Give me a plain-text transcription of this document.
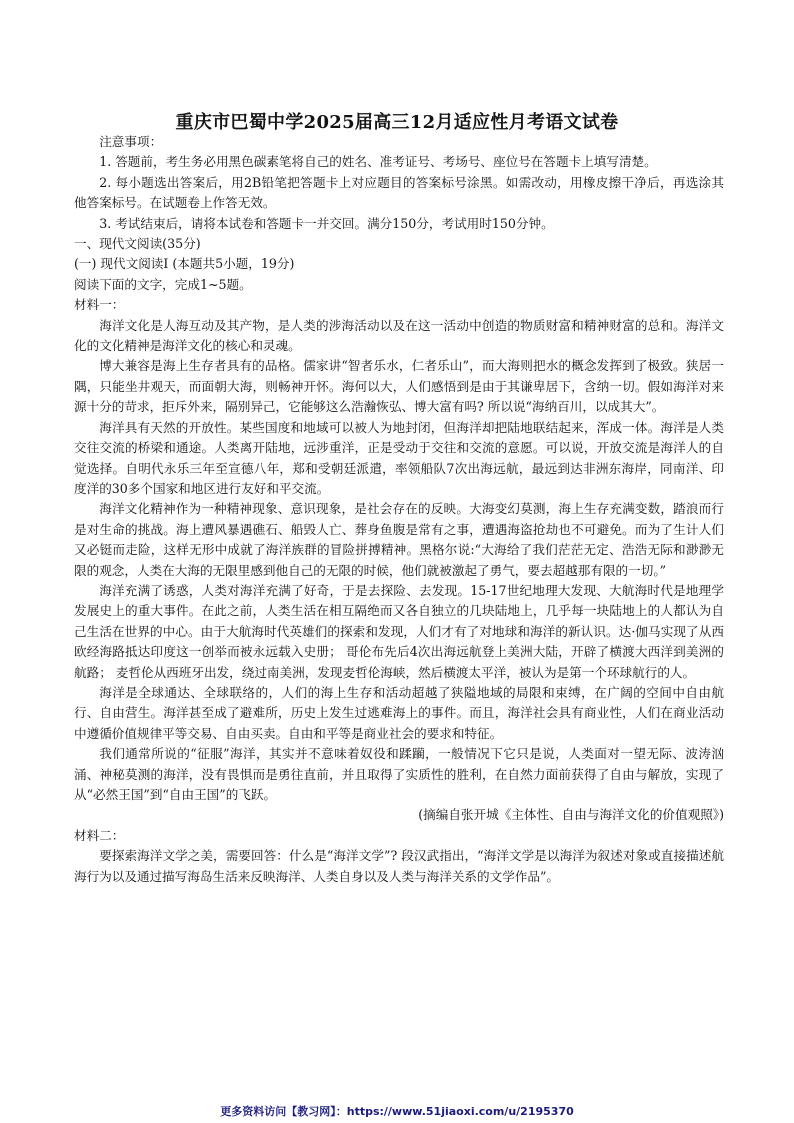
重庆市巴蜀中学2025届高三12月适应性月考语文试卷

注意事项：

1. 答题前，考生务必用黑色碳素笔将自己的姓名、准考证号、考场号、座位号在答题卡上填写清楚。

2. 每小题选出答案后，用2B铅笔把答题卡上对应题目的答案标号涂黑。如需改动，用橡皮擦干净后，再选涂其他答案标号。在试题卷上作答无效。

3. 考试结束后，请将本试卷和答题卡一并交回。满分150分，考试用时150分钟。

一、现代文阅读(35分)

(一) 现代文阅读Ⅰ (本题共5小题，19分)

阅读下面的文字，完成1~5题。

材料一：

海洋文化是人海互动及其产物，是人类的涉海活动以及在这一活动中创造的物质财富和精神财富的总和。海洋文化的文化精神是海洋文化的核心和灵魂。

博大兼容是海上生存者具有的品格。儒家讲“智者乐水，仁者乐山”，而大海则把水的概念发挥到了极致。狭居一隅，只能坐井观天，而面朝大海，则畅神开怀。海何以大，人们感悟到是由于其谦卑居下，含纳一切。假如海洋对来源十分的苛求，拒斥外来，隔别异己，它能够这么浩瀚恢弘、博大富有吗? 所以说“海纳百川，以成其大”。

海洋具有天然的开放性。某些国度和地域可以被人为地封闭，但海洋却把陆地联结起来，浑成一体。海洋是人类交往交流的桥梁和通途。人类离开陆地，远涉重洋，正是受动于交往和交流的意愿。可以说，开放交流是海洋人的自觉选择。自明代永乐三年至宣德八年，郑和受朝廷派遣，率领船队7次出海远航，最远到达非洲东海岸，同南洋、印度洋的30多个国家和地区进行友好和平交流。

海洋文化精神作为一种精神现象、意识现象，是社会存在的反映。大海变幻莫测，海上生存充满变数，踏浪而行是对生命的挑战。海上遭风暴遇礁石、船毁人亡、葬身鱼腹是常有之事，遭遇海盗抢劫也不可避免。而为了生计人们又必铤而走险，这样无形中成就了海洋族群的冒险拼搏精神。黑格尔说:“大海给了我们茫茫无定、浩浩无际和渺渺无限的观念，人类在大海的无限里感到他自己的无限的时候，他们就被激起了勇气，要去超越那有限的一切。”

海洋充满了诱惑，人类对海洋充满了好奇，于是去探险、去发现。15-17世纪地理大发现、大航海时代是地理学发展史上的重大事件。在此之前，人类生活在相互隔绝而又各自独立的几块陆地上，几乎每一块陆地上的人都认为自己生活在世界的中心。由于大航海时代英雄们的探索和发现，人们才有了对地球和海洋的新认识。达·伽马实现了从西欧经海路抵达印度这一创举而被永远载入史册； 哥伦布先后4次出海远航登上美洲大陆，开辟了横渡大西洋到美洲的航路； 麦哲伦从西班牙出发，绕过南美洲，发现麦哲伦海峡，然后横渡太平洋，被认为是第一个环球航行的人。

海洋是全球通达、全球联络的，人们的海上生存和活动超越了狭隘地域的局限和束缚，在广阔的空间中自由航行、自由营生。海洋甚至成了避难所，历史上发生过逃难海上的事件。而且，海洋社会具有商业性，人们在商业活动中遵循价值规律平等交易、自由买卖。自由和平等是商业社会的要求和特征。

我们通常所说的“征服”海洋，其实并不意味着奴役和蹂躏，一般情况下它只是说，人类面对一望无际、波涛汹涌、神秘莫测的海洋，没有畏惧而是勇往直前，并且取得了实质性的胜利，在自然力面前获得了自由与解放，实现了从“必然王国”到“自由王国”的飞跃。

(摘编自张开城《主体性、自由与海洋文化的价值观照》)

材料二：

要探索海洋文学之美，需要回答：什么是“海洋文学”? 段汉武指出，“海洋文学是以海洋为叙述对象或直接描述航海行为以及通过描写海岛生活来反映海洋、人类自身以及人类与海洋关系的文学作品”。

更多资料访问【教习网】：https://www.51jiaoxi.com/u/2195370
